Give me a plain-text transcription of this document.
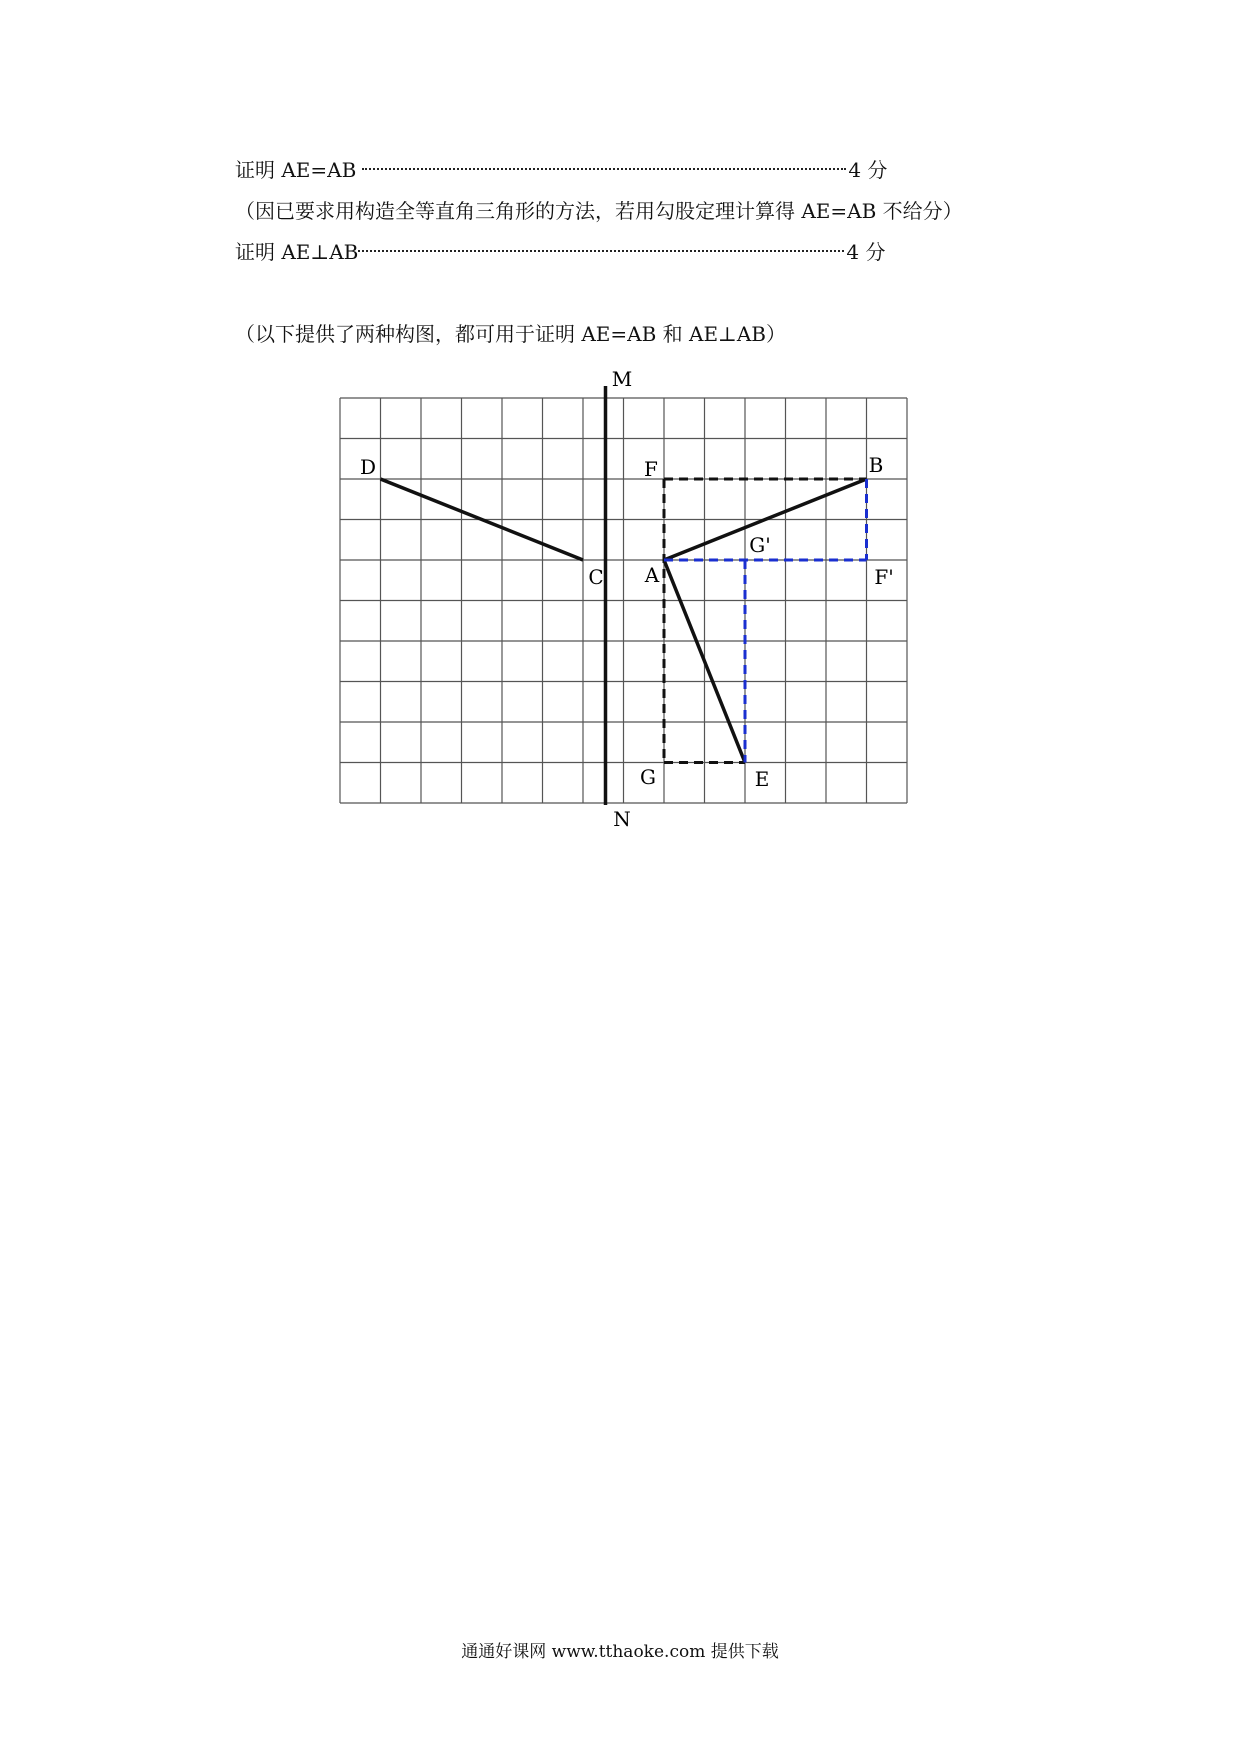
证明 AE=AB	4 分
（因已要求用构造全等直角三角形的方法，若用勾股定理计算得 AE=AB 不给分）
证明 AE⊥AB	4 分
（以下提供了两种构图，都可用于证明 AE=AB 和 AE⊥AB）
M
N
D
C A
B
F
G	E
G'
F'
通通好课网 www.tthaoke.com 提供下载
